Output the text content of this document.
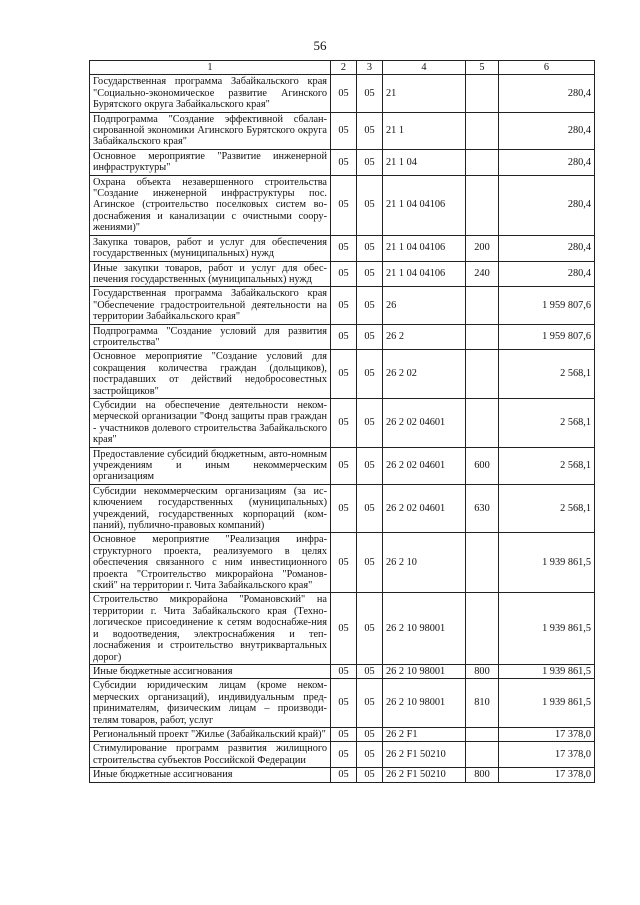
56
1	2	3	4	5	6
Государственная программа Забайкальского края "Социально-экономическое развитие Агинского Бурятского округа Забайкальского края"	05	05	21		280,4
Подпрограмма "Создание эффективной сбалан-сированной экономики Агинского Бурятского округа Забайкальского края"	05	05	21 1		280,4
Основное мероприятие "Развитие инженерной инфраструктуры"	05	05	21 1 04		280,4
Охрана объекта незавершенного строительства "Создание инженерной инфраструктуры пос. Агинское (строительство поселковых систем во-доснабжения и канализации с очистными соору-жениями)"	05	05	21 1 04 04106		280,4
Закупка товаров, работ и услуг для обеспечения государственных (муниципальных) нужд	05	05	21 1 04 04106	200	280,4
Иные закупки товаров, работ и услуг для обес-печения государственных (муниципальных) нужд	05	05	21 1 04 04106	240	280,4
Государственная программа Забайкальского края "Обеспечение градостроительной деятельности на территории Забайкальского края"	05	05	26		1 959 807,6
Подпрограмма "Создание условий для развития строительства"	05	05	26 2		1 959 807,6
Основное мероприятие "Создание условий для сокращения количества граждан (дольщиков), пострадавших от действий недобросовестных застройщиков"	05	05	26 2 02		2 568,1
Субсидии на обеспечение деятельности неком-мерческой организации "Фонд защиты прав граждан - участников долевого строительства Забайкальского края"	05	05	26 2 02 04601		2 568,1
Предоставление субсидий бюджетным, авто-номным учреждениям и иным некоммерческим организациям	05	05	26 2 02 04601	600	2 568,1
Субсидии некоммерческим организациям (за ис-ключением государственных (муниципальных) учреждений, государственных корпораций (ком-паний), публично-правовых компаний)	05	05	26 2 02 04601	630	2 568,1
Основное мероприятие "Реализация инфра-структурного проекта, реализуемого в целях обеспечения связанного с ним инвестиционного проекта "Строительство микрорайона "Романов-ский" на территории г. Чита Забайкальского края"	05	05	26 2 10		1 939 861,5
Строительство микрорайона "Романовский" на территории г. Чита Забайкальского края (Техно-логическое присоединение к сетям водоснабже-ния и водоотведения, электроснабжения и теп-лоснабжения и строительство внутриквартальных дорог)	05	05	26 2 10 98001		1 939 861,5
Иные бюджетные ассигнования	05	05	26 2 10 98001	800	1 939 861,5
Субсидии юридическим лицам (кроме неком-мерческих организаций), индивидуальным пред-принимателям, физическим лицам – производи-телям товаров, работ, услуг	05	05	26 2 10 98001	810	1 939 861,5
Региональный проект "Жилье (Забайкальский край)"	05	05	26 2 F1		17 378,0
Стимулирование программ развития жилищного строительства субъектов Российской Федерации	05	05	26 2 F1 50210		17 378,0
Иные бюджетные ассигнования	05	05	26 2 F1 50210	800	17 378,0
